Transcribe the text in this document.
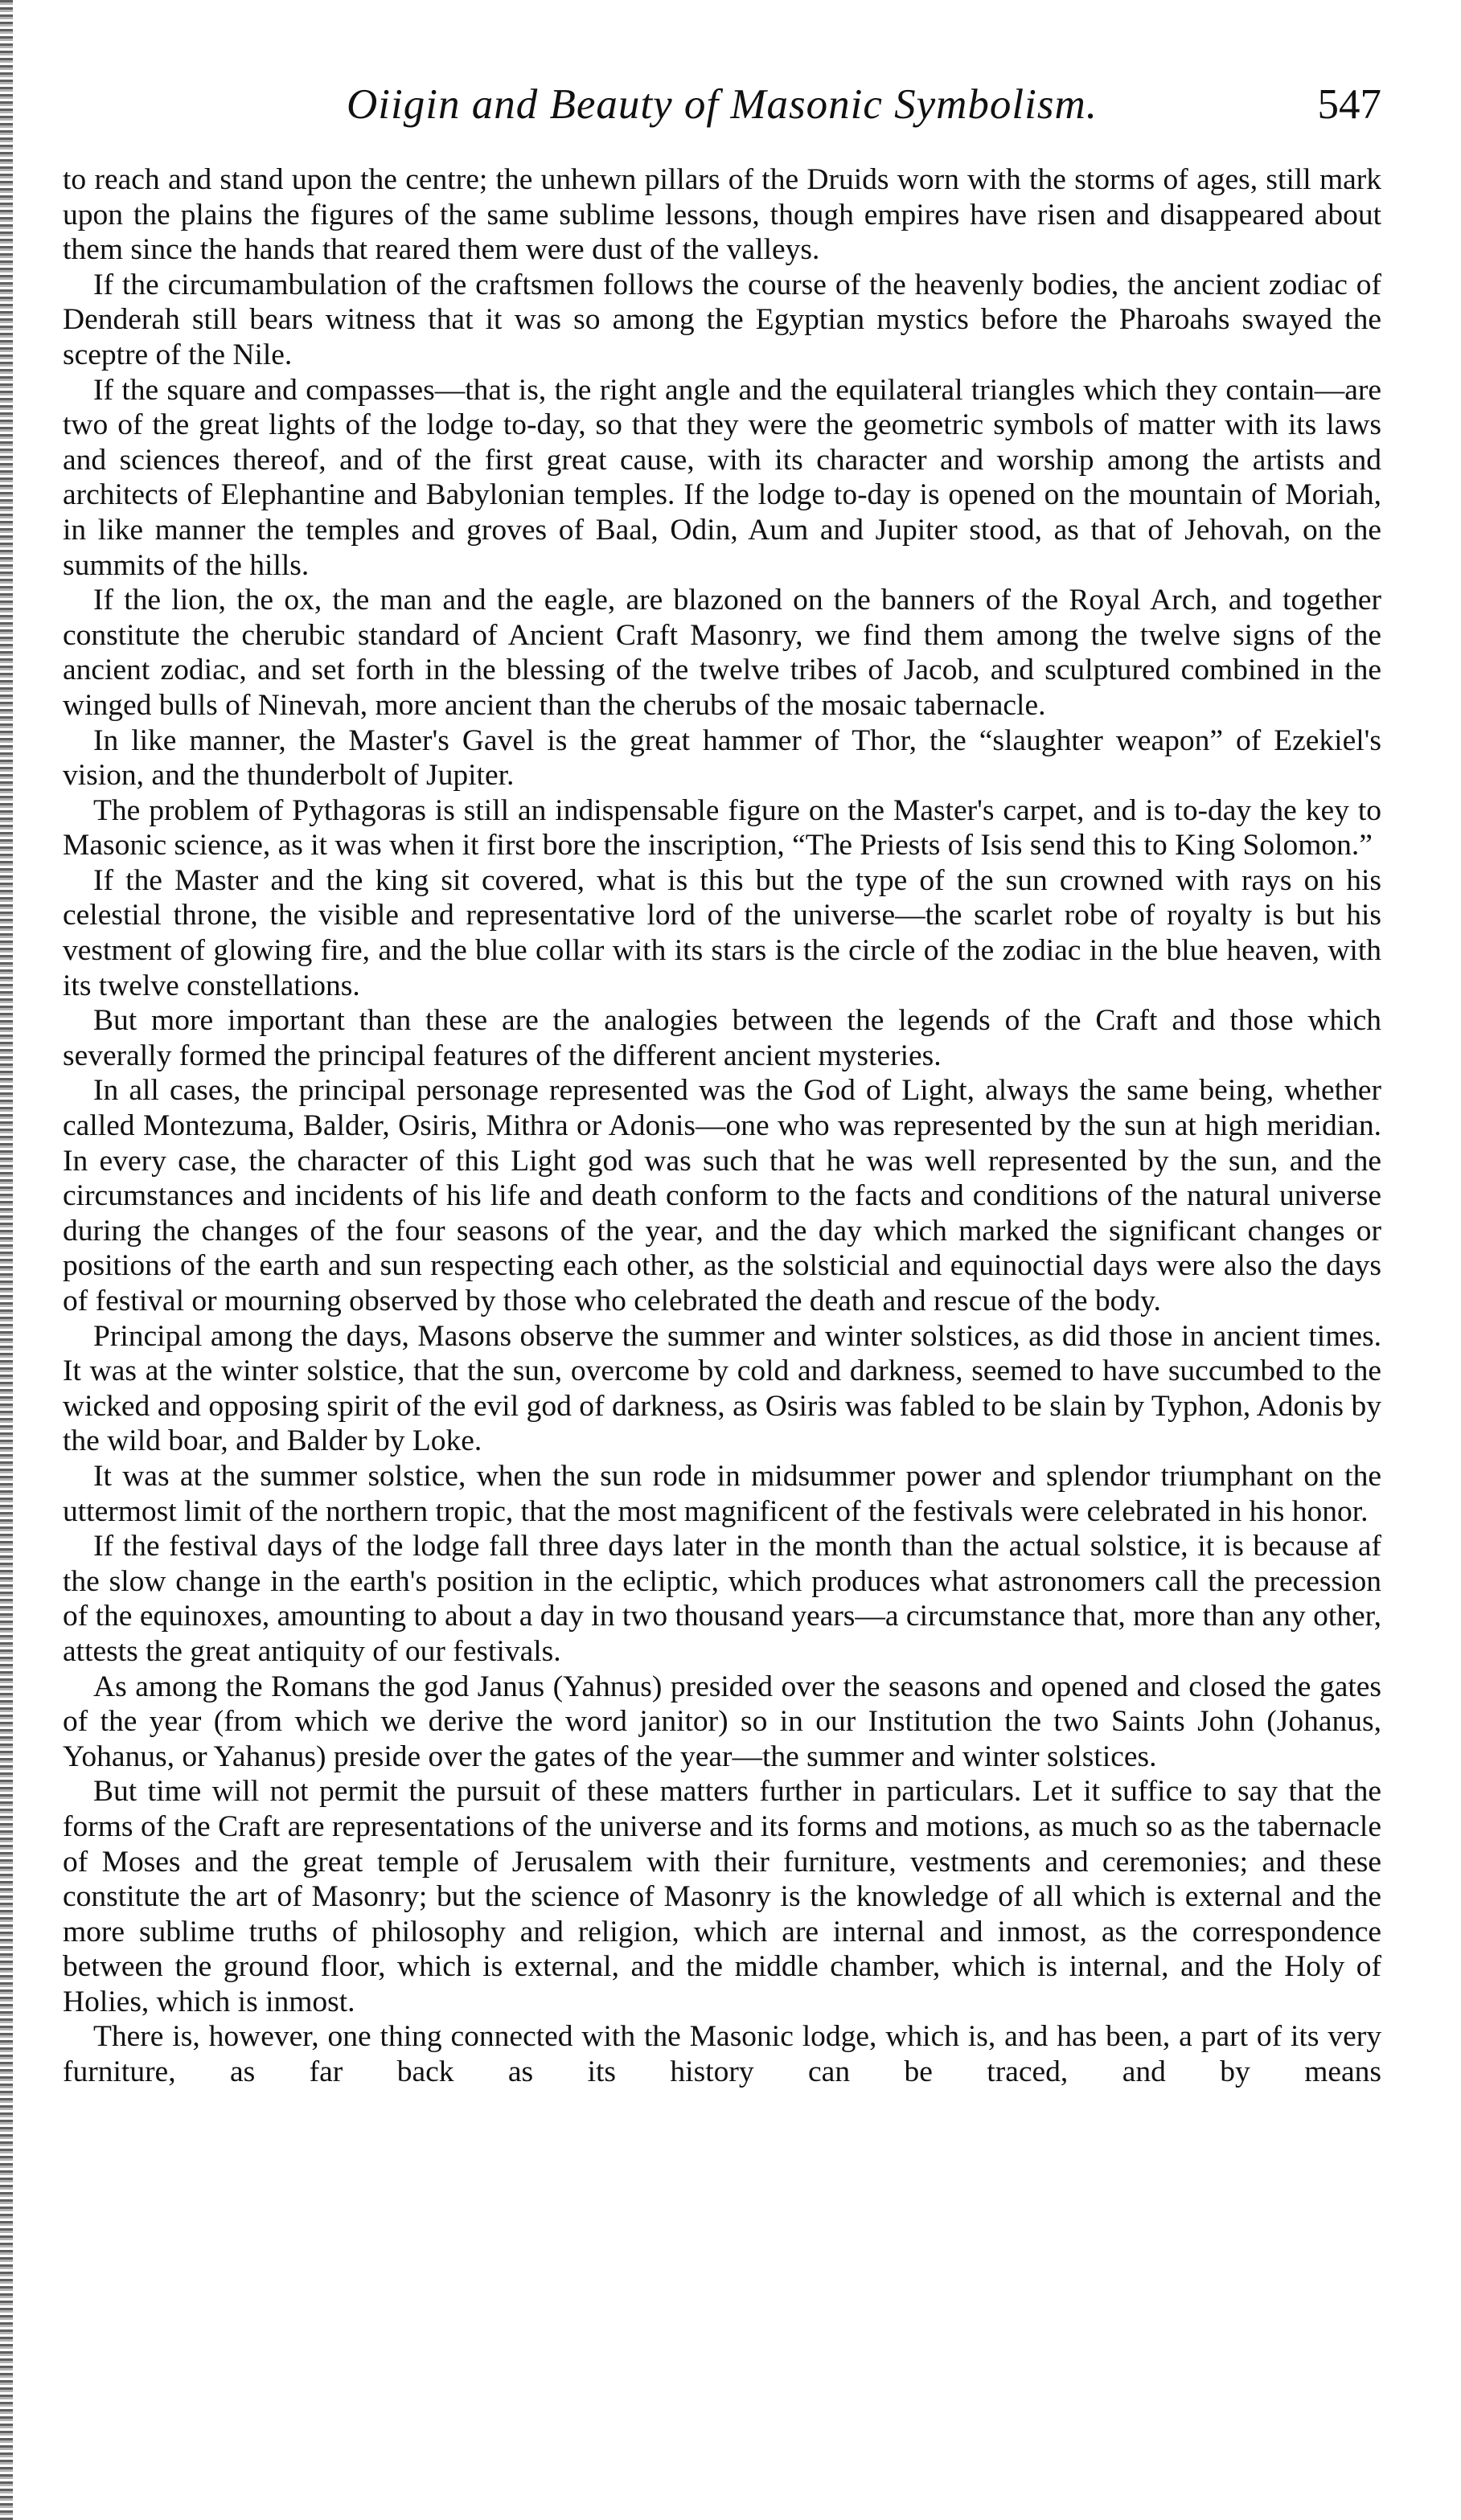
Oiigin and Beauty of Masonic Symbolism.	547

to reach and stand upon the centre; the unhewn pillars of the Druids worn with the storms of ages, still mark upon the plains the figures of the same sublime lessons, though empires have risen and disappeared about them since the hands that reared them were dust of the valleys.

If the circumambulation of the craftsmen follows the course of the heavenly bodies, the ancient zodiac of Denderah still bears witness that it was so among the Egyptian mystics before the Pharoahs swayed the sceptre of the Nile.

If the square and compasses—that is, the right angle and the equilateral triangles which they contain—are two of the great lights of the lodge to-day, so that they were the geometric symbols of matter with its laws and sciences thereof, and of the first great cause, with its character and worship among the artists and architects of Elephantine and Babylonian temples. If the lodge to-day is opened on the mountain of Moriah, in like manner the temples and groves of Baal, Odin, Aum and Jupiter stood, as that of Jehovah, on the summits of the hills.

If the lion, the ox, the man and the eagle, are blazoned on the banners of the Royal Arch, and together constitute the cherubic standard of Ancient Craft Masonry, we find them among the twelve signs of the ancient zodiac, and set forth in the blessing of the twelve tribes of Jacob, and sculptured combined in the winged bulls of Ninevah, more ancient than the cherubs of the mosaic tabernacle.

In like manner, the Master's Gavel is the great hammer of Thor, the “slaughter weapon” of Ezekiel's vision, and the thunderbolt of Jupiter.

The problem of Pythagoras is still an indispensable figure on the Master's carpet, and is to-day the key to Masonic science, as it was when it first bore the inscription, “The Priests of Isis send this to King Solomon.”

If the Master and the king sit covered, what is this but the type of the sun crowned with rays on his celestial throne, the visible and representative lord of the universe—the scarlet robe of royalty is but his vestment of glowing fire, and the blue collar with its stars is the circle of the zodiac in the blue heaven, with its twelve constellations.

But more important than these are the analogies between the legends of the Craft and those which severally formed the principal features of the different ancient mysteries.

In all cases, the principal personage represented was the God of Light, always the same being, whether called Montezuma, Balder, Osiris, Mithra or Adonis—one who was represented by the sun at high meridian. In every case, the character of this Light god was such that he was well represented by the sun, and the circumstances and incidents of his life and death conform to the facts and conditions of the natural universe during the changes of the four seasons of the year, and the day which marked the significant changes or positions of the earth and sun respecting each other, as the solsticial and equinoctial days were also the days of festival or mourning observed by those who celebrated the death and rescue of the body.

Principal among the days, Masons observe the summer and winter solstices, as did those in ancient times. It was at the winter solstice, that the sun, overcome by cold and darkness, seemed to have succumbed to the wicked and opposing spirit of the evil god of darkness, as Osiris was fabled to be slain by Typhon, Adonis by the wild boar, and Balder by Loke.

It was at the summer solstice, when the sun rode in midsummer power and splendor triumphant on the uttermost limit of the northern tropic, that the most magnificent of the festivals were celebrated in his honor.

If the festival days of the lodge fall three days later in the month than the actual solstice, it is because af the slow change in the earth's position in the ecliptic, which produces what astronomers call the precession of the equinoxes, amounting to about a day in two thousand years—a circumstance that, more than any other, attests the great antiquity of our festivals.

As among the Romans the god Janus (Yahnus) presided over the seasons and opened and closed the gates of the year (from which we derive the word janitor) so in our Institution the two Saints John (Johanus, Yohanus, or Yahanus) preside over the gates of the year—the summer and winter solstices.

But time will not permit the pursuit of these matters further in particulars. Let it suffice to say that the forms of the Craft are representations of the universe and its forms and motions, as much so as the tabernacle of Moses and the great temple of Jerusalem with their furniture, vestments and ceremonies; and these constitute the art of Masonry; but the science of Masonry is the knowledge of all which is external and the more sublime truths of philosophy and religion, which are internal and inmost, as the correspondence between the ground floor, which is external, and the middle chamber, which is internal, and the Holy of Holies, which is inmost.

There is, however, one thing connected with the Masonic lodge, which is, and has been, a part of its very furniture, as far back as its history can be traced, and by means
